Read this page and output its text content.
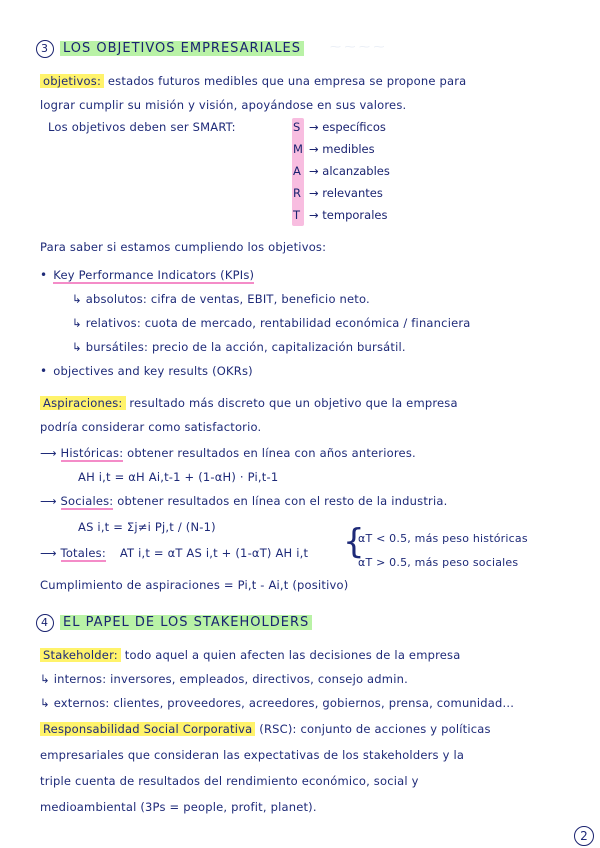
⁓ ⁓ ⁓ ⁓
3 LOS OBJETIVOS EMPRESARIALES
objetivos: estados futuros medibles que una empresa se propone para
lograr cumplir su misión y visión, apoyándose en sus valores.
Los objetivos deben ser SMART:	S → específicos
M → medibles
A → alcanzables
R → relevantes
T → temporales
Para saber si estamos cumpliendo los objetivos:
• Key Performance Indicators (KPIs)
↳ absolutos: cifra de ventas, EBIT, beneficio neto.
↳ relativos: cuota de mercado, rentabilidad económica / financiera
↳ bursátiles: precio de la acción, capitalización bursátil.
• objectives and key results (OKRs)
Aspiraciones: resultado más discreto que un objetivo que la empresa
podría considerar como satisfactorio.
⟶ Históricas: obtener resultados en línea con años anteriores.
AH i,t = αH Ai,t-1 + (1-αH) · Pi,t-1
⟶ Sociales: obtener resultados en línea con el resto de la industria.
AS i,t = Σj≠i Pj,t / (N-1)
⟶ Totales: AT i,t = αT AS i,t + (1-αT) AH i,t {
αT < 0.5, más peso históricas
αT > 0.5, más peso sociales
Cumplimiento de aspiraciones = Pi,t - Ai,t (positivo)
4 EL PAPEL DE LOS STAKEHOLDERS
Stakeholder: todo aquel a quien afecten las decisiones de la empresa
↳ internos: inversores, empleados, directivos, consejo admin.
↳ externos: clientes, proveedores, acreedores, gobiernos, prensa, comunidad...
Responsabilidad Social Corporativa (RSC): conjunto de acciones y políticas
empresariales que consideran las expectativas de los stakeholders y la
triple cuenta de resultados del rendimiento económico, social y
medioambiental (3Ps = people, profit, planet).
2
